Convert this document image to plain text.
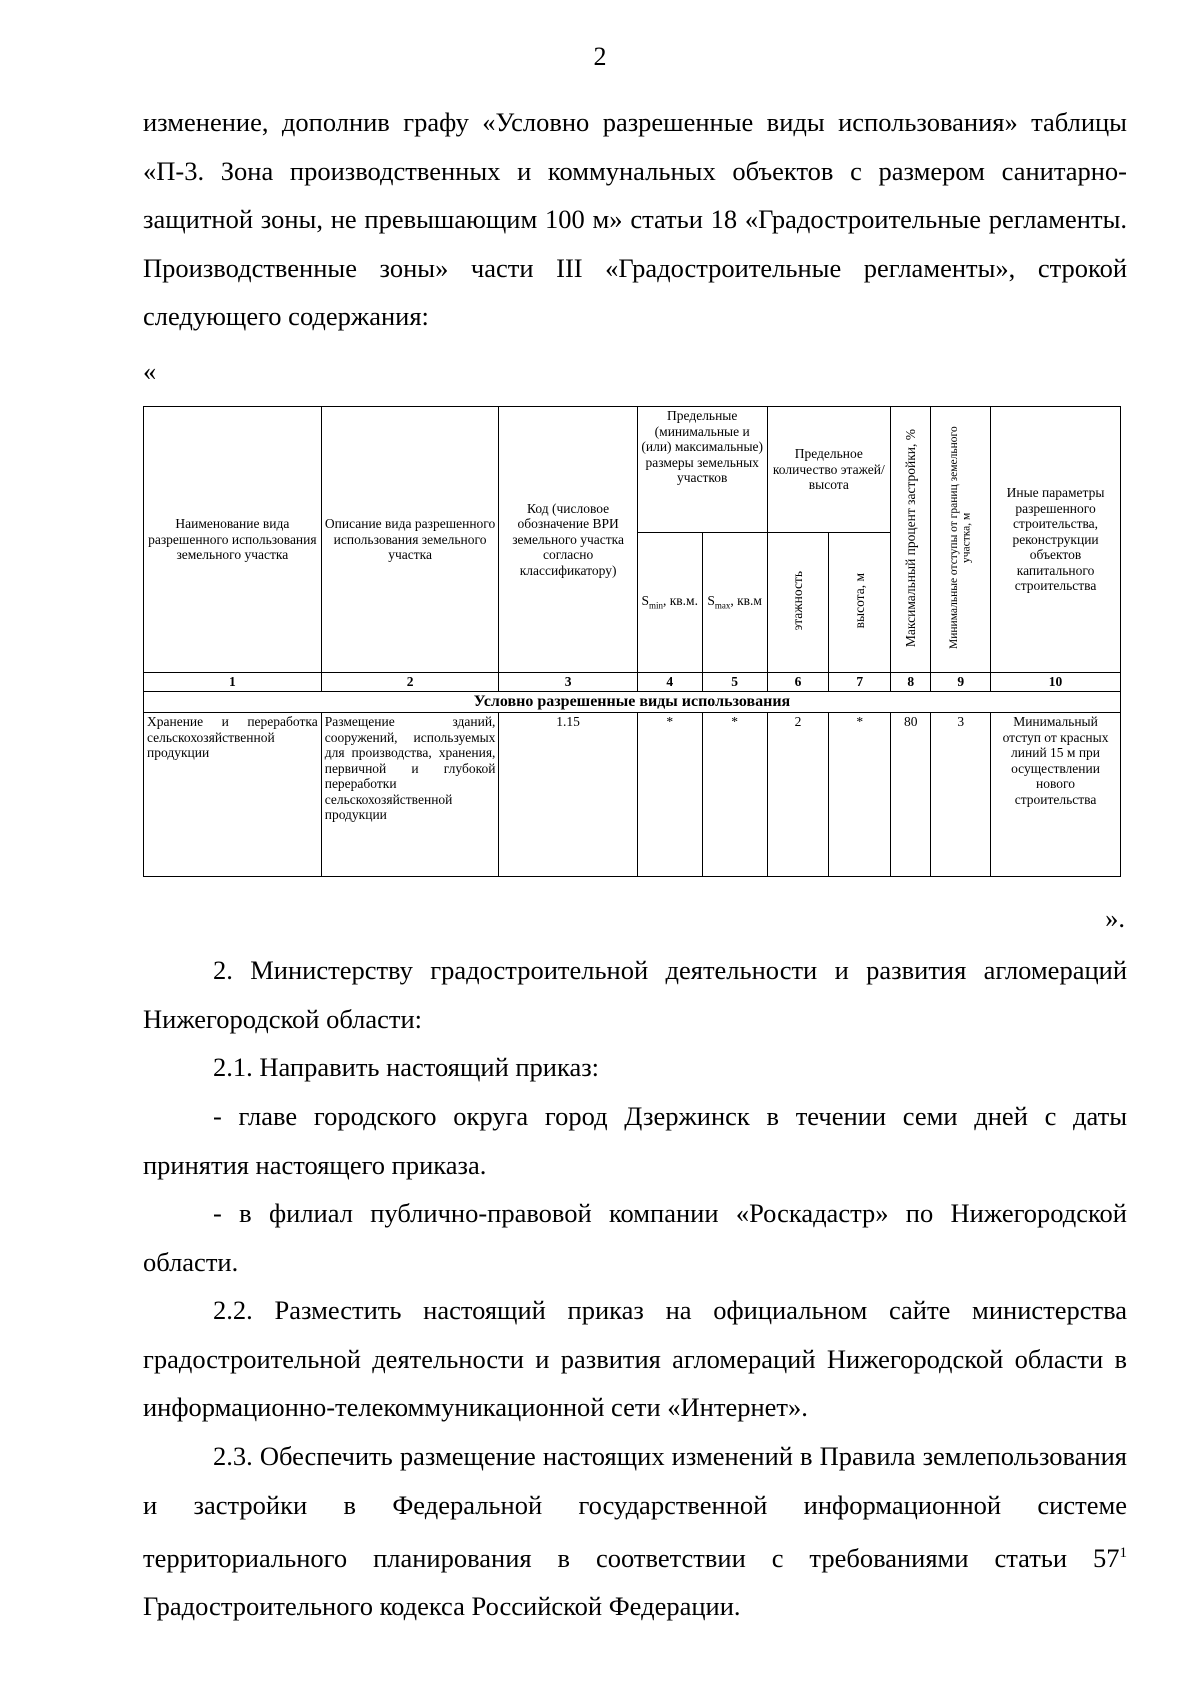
2

изменение, дополнив графу «Условно разрешенные виды использования» таблицы «П-3. Зона производственных и коммунальных объектов с размером санитарно-защитной зоны, не превышающим 100 м» статьи 18 «Градостроительные регламенты. Производственные зоны» части III «Градостроительные регламенты», строкой следующего содержания:

«
Наименование вида разрешенного использования земельного участка	Описание вида разрешенного использования земельного участка	Код (числовое обозначение ВРИ земельного участка согласно классификатору)	Предельные (минимальные и (или) максимальные) размеры земельных участков		Предельное количество этажей/высота		Максимальный процент застройки, %	Минимальные отступы от границ земельного участка, м	Иные параметры разрешенного строительства, реконструкции объектов капитального строительства
			$S_{min}$, кв.м.	$S_{max}$, кв.м	этажность	высота, м			
1	2	3	4	5	6	7	8	9	10
Условно разрешенные виды использования									
Хранение и переработка сельскохозяйственной продукции	Размещение зданий, сооружений, используемых для производства, хранения, первичной и глубокой переработки сельскохозяйственной продукции	1.15	*	*	2	*	80	3	Минимальный отступ от красных линий 15 м при осуществлении нового строительства
».

2. Министерству градостроительной деятельности и развития агломераций Нижегородской области:

2.1. Направить настоящий приказ:

- главе городского округа город Дзержинск в течении семи дней с даты принятия настоящего приказа.

- в филиал публично-правовой компании «Роскадастр» по Нижегородской области.

2.2. Разместить настоящий приказ на официальном сайте министерства градостроительной деятельности и развития агломераций Нижегородской области в информационно-телекоммуникационной сети «Интернет».

2.3. Обеспечить размещение настоящих изменений в Правила землепользования и застройки в Федеральной государственной информационной системе территориального планирования в соответствии с требованиями статьи $57^1$ Градостроительного кодекса Российской Федерации.
